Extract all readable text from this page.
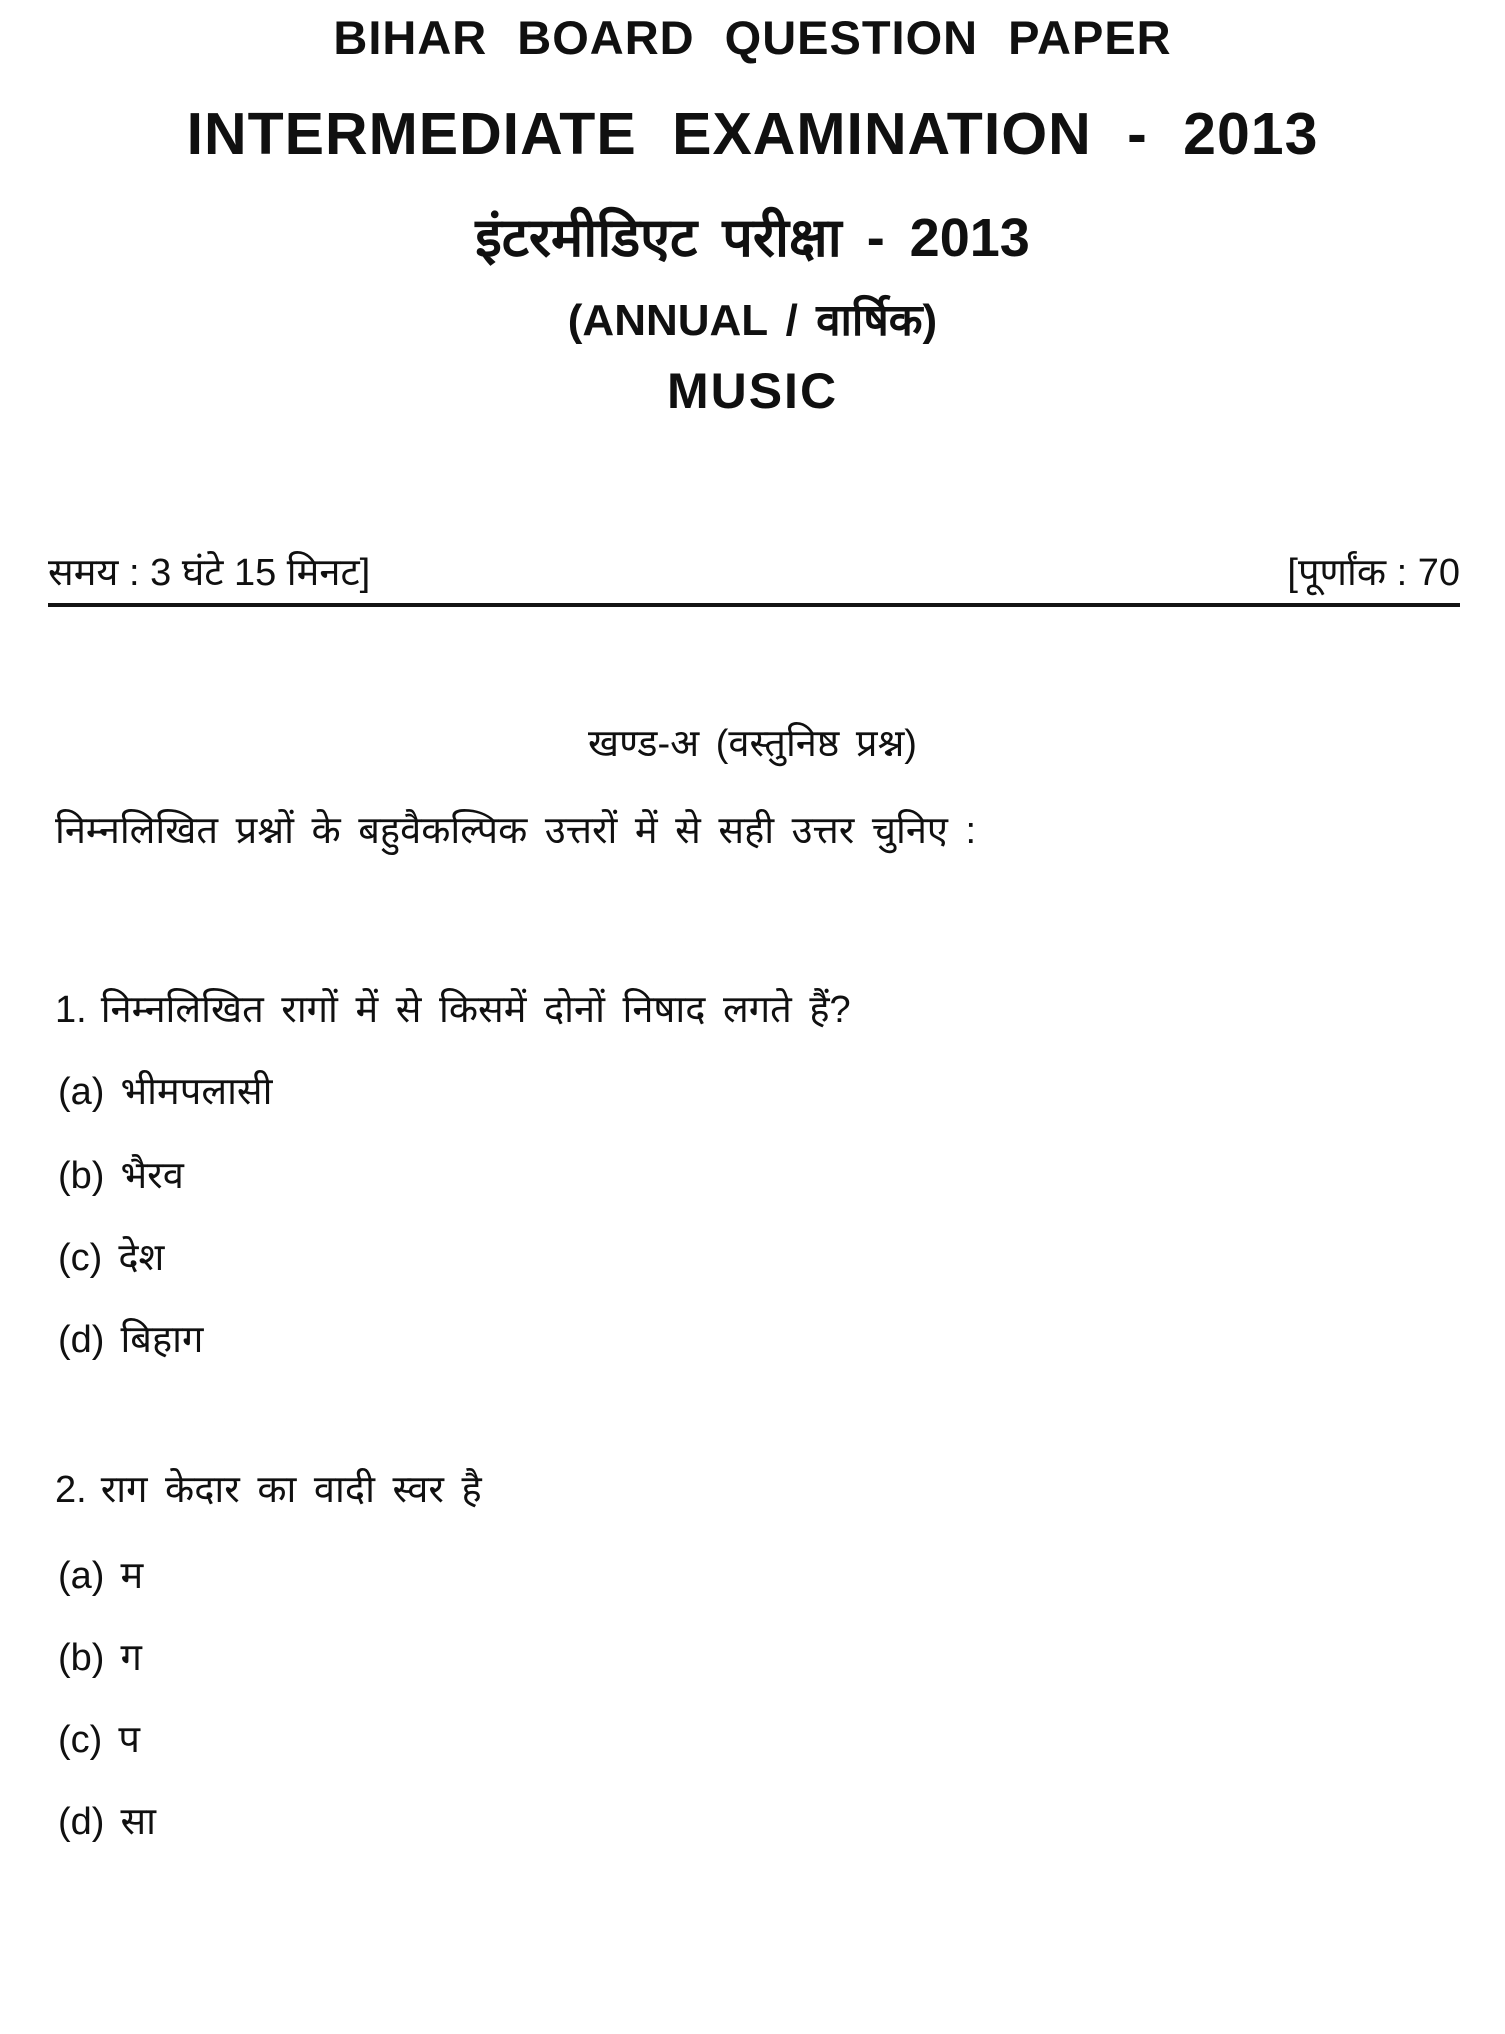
BIHAR BOARD QUESTION PAPER
INTERMEDIATE EXAMINATION - 2013
इंटरमीडिएट परीक्षा - 2013
(ANNUAL / वार्षिक)
MUSIC
समय : 3 घंटे 15 मिनट]	[पूर्णांक : 70
खण्ड-अ (वस्तुनिष्ठ प्रश्न)
निम्नलिखित प्रश्नों के बहुवैकल्पिक उत्तरों में से सही उत्तर चुनिए :
1. निम्नलिखित रागों में से किसमें दोनों निषाद लगते हैं?
(a) भीमपलासी
(b) भैरव
(c) देश
(d) बिहाग
2. राग केदार का वादी स्वर है
(a) म
(b) ग
(c) प
(d) सा
